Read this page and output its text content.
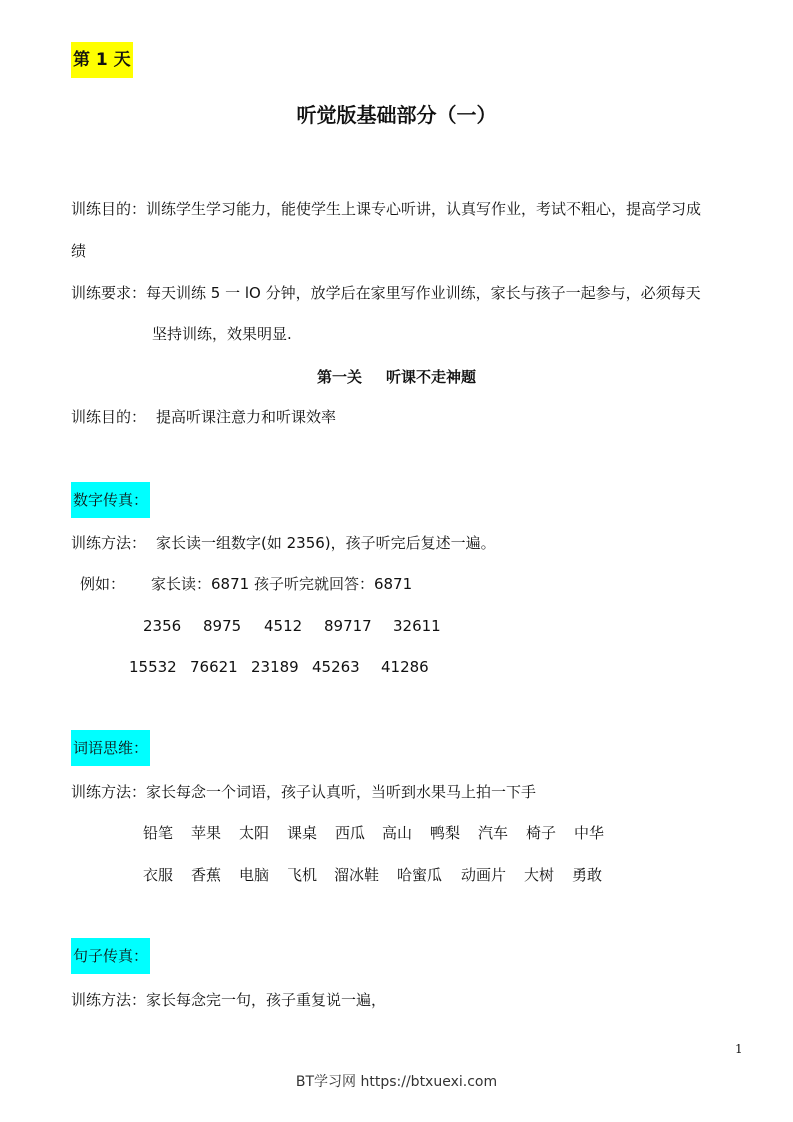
第 1 天
听觉版基础部分（一）
训练目的：训练学生学习能力，能使学生上课专心听讲，认真写作业，考试不粗心，提高学习成
绩
训练要求：每天训练 5 一 lO 分钟，放学后在家里写作业训练，家长与孩子一起参与，必须每天
坚持训练，效果明显.
第一关 听课不走神题
训练目的： 提高听课注意力和听课效率
数字传真：
训练方法： 家长读一组数字(如 2356)，孩子听完后复述一遍。
例如： 家长读：6871 孩子听完就回答：6871
2356	8975	4512	89717	32611
15532 76621 23189 45263	41286
词语思维：
训练方法：家长每念一个词语，孩子认真听，当听到水果马上拍一下手
铅笔	苹果	太阳	课桌	西瓜	高山	鸭梨	汽车	椅子	中华
衣服	香蕉	电脑	飞机	溜冰鞋	哈蜜瓜	动画片	大树	勇敢
句子传真：
训练方法：家长每念完一句，孩子重复说一遍，
1
BT学习网 https://btxuexi.com
